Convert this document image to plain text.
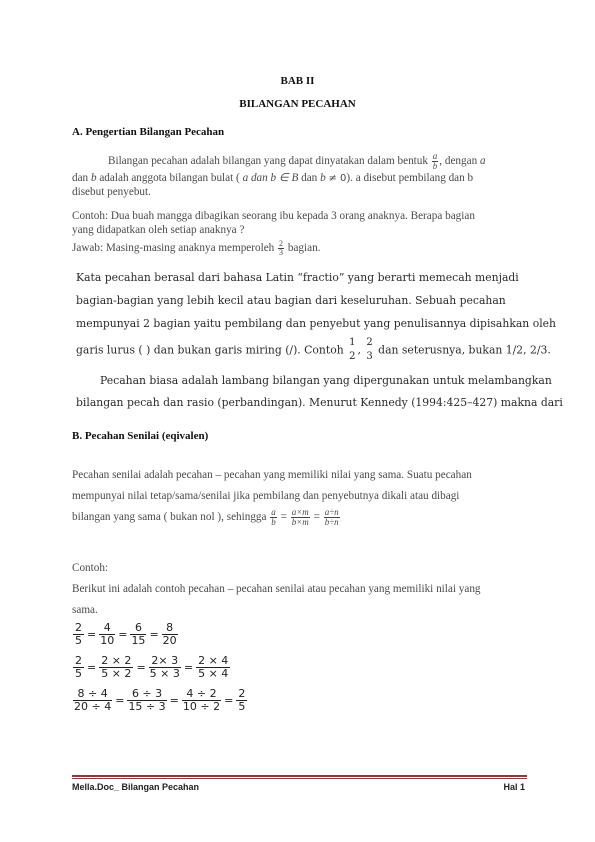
BAB II
BILANGAN PECAHAN
A. Pengertian Bilangan Pecahan
Bilangan pecahan adalah bilangan yang dapat dinyatakan dalam bentuk $\frac{a}{b}$ , dengan a
dan b adalah anggota bilangan bulat ( a dan b ∈ B dan b ≠ 0). a disebut pembilang dan b
disebut penyebut.
Contoh: Dua buah mangga dibagikan seorang ibu kepada 3 orang anaknya. Berapa bagian
yang didapatkan oleh setiap anaknya ?
Jawab: Masing-masing anaknya memperoleh $\frac{2}{3}$ bagian.
Kata pecahan berasal dari bahasa Latin “fractio” yang berarti memecah menjadi
bagian-bagian yang lebih kecil atau bagian dari keseluruhan. Sebuah pecahan
mempunyai 2 bagian yaitu pembilang dan penyebut yang penulisannya dipisahkan oleh
garis lurus ( ) dan bukan garis miring (/). Contoh
1
2 ,
2
3 dan seterusnya, bukan 1/2, 2/3.
Pecahan biasa adalah lambang bilangan yang dipergunakan untuk melambangkan
bilangan pecah dan rasio (perbandingan). Menurut Kennedy (1994:425–427) makna dari
B. Pecahan Senilai (eqivalen)
Pecahan senilai adalah pecahan – pecahan yang memiliki nilai yang sama. Suatu pecahan
mempunyai nilai tetap/sama/senilai jika pembilang dan penyebutnya dikali atau dibagi
bilangan yang sama ( bukan nol ), sehingga $\frac{a}{b} = \frac{a\times m}{b\times m} = \frac{a\div n}{b\div n}$
Contoh:
Berikut ini adalah contoh pecahan – pecahan senilai atau pecahan yang memiliki nilai yang
sama.
$\frac{2}{5} = \frac{4}{10} = \frac{6}{15} = \frac{8}{20}$
$\frac{2}{5} = \frac{2 \times 2}{5 \times 2} = \frac{2\times 3}{5 \times 3} = \frac{2 \times 4}{5 \times 4}$
$\frac{8 \div 4}{20 \div 4} = \frac{6 \div 3}{15 \div 3} = \frac{4 \div 2}{10 \div 2} = \frac{2}{5}$
Mella.Doc_ Bilangan Pecahan	Hal 1
